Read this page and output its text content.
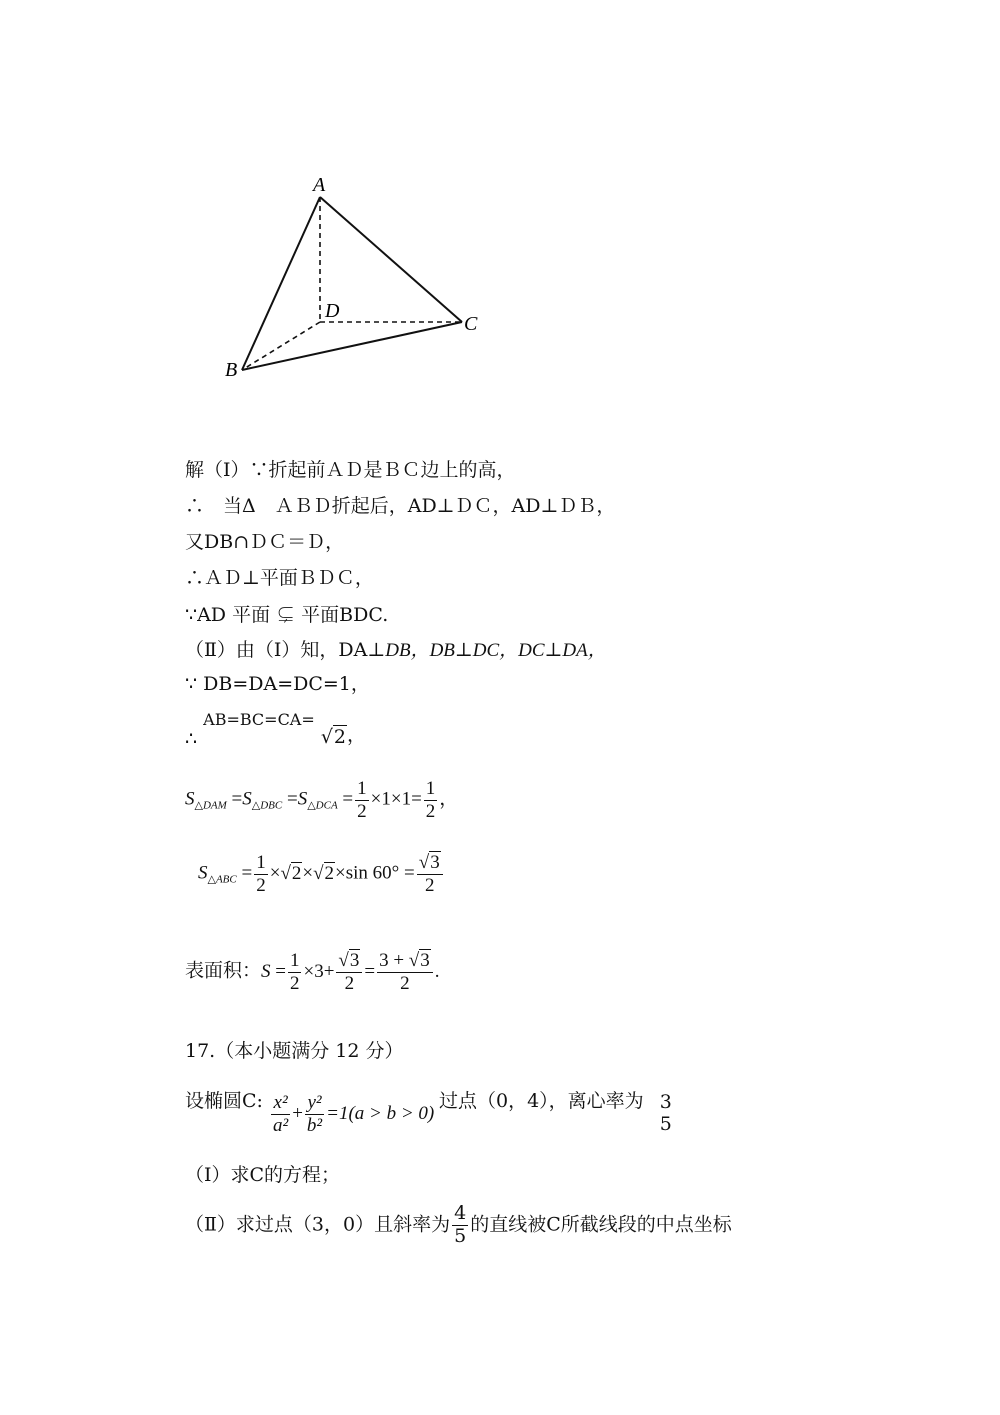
A
B
C
D
解（Ⅰ）∵折起前ＡＤ是ＢＣ边上的高，
∴　当Δ　ＡＢＤ折起后，AD⊥ＤＣ，AD⊥ＤＢ，
又DB∩ＤＣ＝Ｄ，
∴ＡＤ⊥平面ＢＤＣ，
∵AD 平面 ⊊ 平面BDC.
（Ⅱ）由（Ⅰ）知，DA⊥DB，DB⊥DC，DC⊥DA，
∵ DB=DA=DC=1，
∴ $^{AB=BC=CA=}$ √2，
$S_{\triangle DAM} =S_{\triangle DBC} =S_{\triangle DCA} = \frac{1}{2} \times 1\times 1= \frac{1}{2}$ ，
$S_{\triangle ABC} = \frac{1}{2} \times√2\times√2\times\sin$ $60^\circ = \frac{√3}{2}$
表面积：$S = \frac{1}{2} \times 3+ \frac{√3}{2} = \frac{3 + √3}{2}$ .
17.（本小题满分 12 分）
设椭圆C: $\frac{\text{x²}}{\text{a²}} + \frac{\text{y²}}{\text{b²}} =1(a > b > 0)$ 过点（0，4），离心率为 3
5
（Ⅰ）求C的方程；
（Ⅱ）求过点（3，0）且斜率为 $\frac{4}{5}$ 的直线被C所截线段的中点坐标
